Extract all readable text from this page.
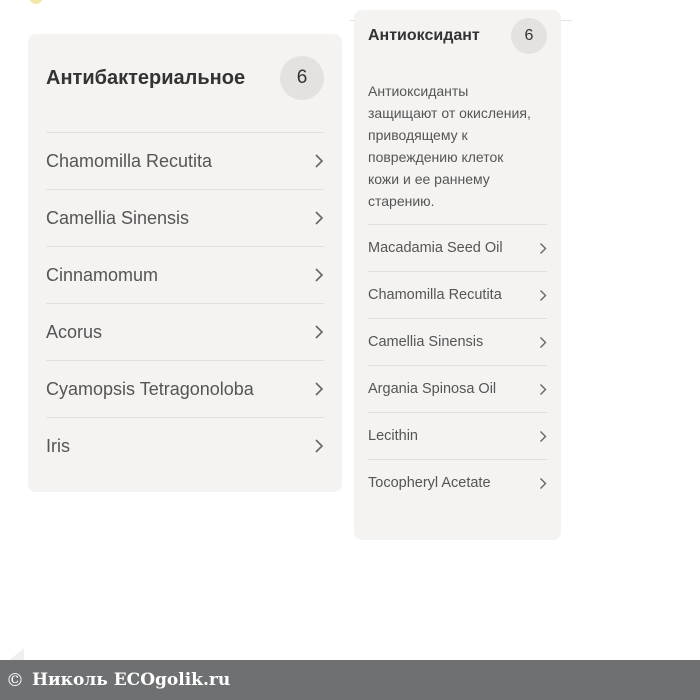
Антибактериальное	6
Chamomilla Recutita
Camellia Sinensis
Cinnamomum
Acorus
Cyamopsis Tetragonoloba
Iris
Антиоксидант	6
Антиоксиданты защищают от окисления, приводящему к повреждению клеток кожи и ее раннему старению.
Macadamia Seed Oil
Chamomilla Recutita
Camellia Sinensis
Argania Spinosa Oil
Lecithin
Tocopheryl Acetate
© Николь ECOgolik.ru
